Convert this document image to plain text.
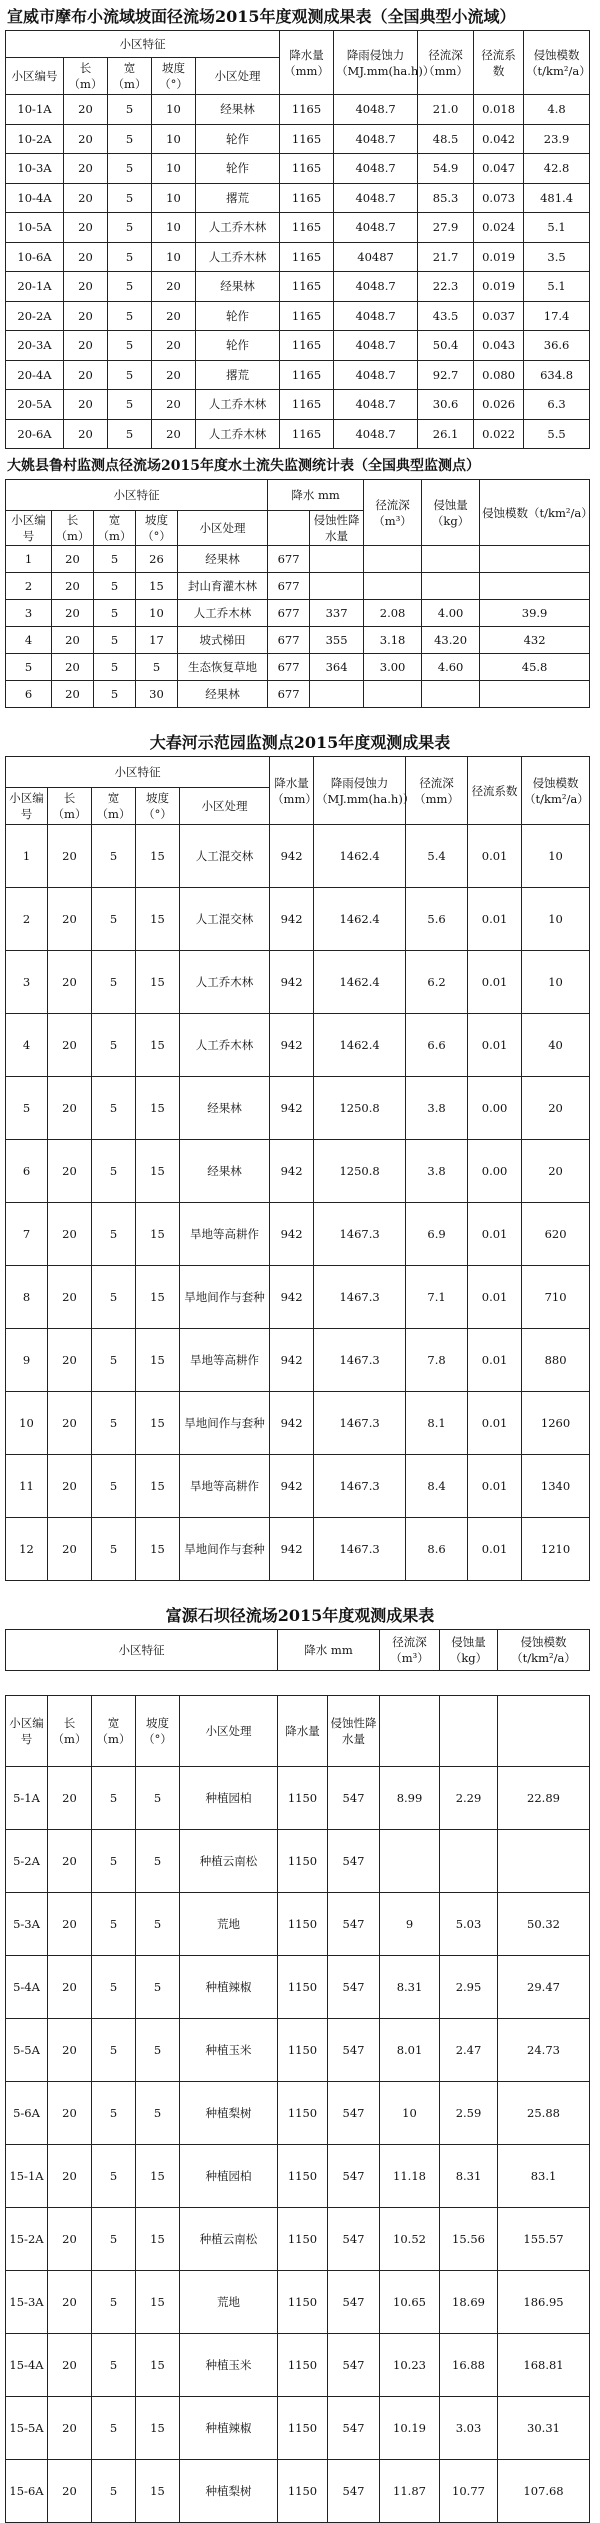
宣威市摩布小流域坡面径流场2015年度观测成果表（全国典型小流域）
小区特征					降水量（mm）	降雨侵蚀力（MJ.mm(ha.h)）	径流深（mm）	径流系数	侵蚀模数（t/km²/a）
小区编号	长（m）	宽（m）	坡度（°）	小区处理					
10-1A	20	5	10	经果林	1165	4048.7	21.0	0.018	4.8
10-2A	20	5	10	轮作	1165	4048.7	48.5	0.042	23.9
10-3A	20	5	10	轮作	1165	4048.7	54.9	0.047	42.8
10-4A	20	5	10	撂荒	1165	4048.7	85.3	0.073	481.4
10-5A	20	5	10	人工乔木林	1165	4048.7	27.9	0.024	5.1
10-6A	20	5	10	人工乔木林	1165	40487	21.7	0.019	3.5
20-1A	20	5	20	经果林	1165	4048.7	22.3	0.019	5.1
20-2A	20	5	20	轮作	1165	4048.7	43.5	0.037	17.4
20-3A	20	5	20	轮作	1165	4048.7	50.4	0.043	36.6
20-4A	20	5	20	撂荒	1165	4048.7	92.7	0.080	634.8
20-5A	20	5	20	人工乔木林	1165	4048.7	30.6	0.026	6.3
20-6A	20	5	20	人工乔木林	1165	4048.7	26.1	0.022	5.5
大姚县鲁村监测点径流场2015年度水土流失监测统计表（全国典型监测点）
小区特征					降水 mm		径流深（m³）	侵蚀量（kg）	侵蚀模数（t/km²/a）
小区编号	长（m）	宽（m）	坡度（°）	小区处理		侵蚀性降水量			
1	20	5	26	经果林	677				
2	20	5	15	封山育灌木林	677				
3	20	5	10	人工乔木林	677	337	2.08	4.00	39.9
4	20	5	17	坡式梯田	677	355	3.18	43.20	432
5	20	5	5	生态恢复草地	677	364	3.00	4.60	45.8
6	20	5	30	经果林	677				
大春河示范园监测点2015年度观测成果表
小区特征					降水量（mm）	降雨侵蚀力（MJ.mm(ha.h)）	径流深（mm）	径流系数	侵蚀模数（t/km²/a）
小区编号	长（m）	宽（m）	坡度（°）	小区处理					
1	20	5	15	人工混交林	942	1462.4	5.4	0.01	10
2	20	5	15	人工混交林	942	1462.4	5.6	0.01	10
3	20	5	15	人工乔木林	942	1462.4	6.2	0.01	10
4	20	5	15	人工乔木林	942	1462.4	6.6	0.01	40
5	20	5	15	经果林	942	1250.8	3.8	0.00	20
6	20	5	15	经果林	942	1250.8	3.8	0.00	20
7	20	5	15	旱地等高耕作	942	1467.3	6.9	0.01	620
8	20	5	15	旱地间作与套种	942	1467.3	7.1	0.01	710
9	20	5	15	旱地等高耕作	942	1467.3	7.8	0.01	880
10	20	5	15	旱地间作与套种	942	1467.3	8.1	0.01	1260
11	20	5	15	旱地等高耕作	942	1467.3	8.4	0.01	1340
12	20	5	15	旱地间作与套种	942	1467.3	8.6	0.01	1210
富源石坝径流场2015年度观测成果表
小区特征	降水 mm	径流深（m³）	侵蚀量（kg）	侵蚀模数（t/km²/a）
小区编号	长（m）	宽（m）	坡度（°）	小区处理	降水量	侵蚀性降水量			
5-1A	20	5	5	种植园柏	1150	547	8.99	2.29	22.89
5-2A	20	5	5	种植云南松	1150	547			
5-3A	20	5	5	荒地	1150	547	9	5.03	50.32
5-4A	20	5	5	种植辣椒	1150	547	8.31	2.95	29.47
5-5A	20	5	5	种植玉米	1150	547	8.01	2.47	24.73
5-6A	20	5	5	种植梨树	1150	547	10	2.59	25.88
15-1A	20	5	15	种植园柏	1150	547	11.18	8.31	83.1
15-2A	20	5	15	种植云南松	1150	547	10.52	15.56	155.57
15-3A	20	5	15	荒地	1150	547	10.65	18.69	186.95
15-4A	20	5	15	种植玉米	1150	547	10.23	16.88	168.81
15-5A	20	5	15	种植辣椒	1150	547	10.19	3.03	30.31
15-6A	20	5	15	种植梨树	1150	547	11.87	10.77	107.68
